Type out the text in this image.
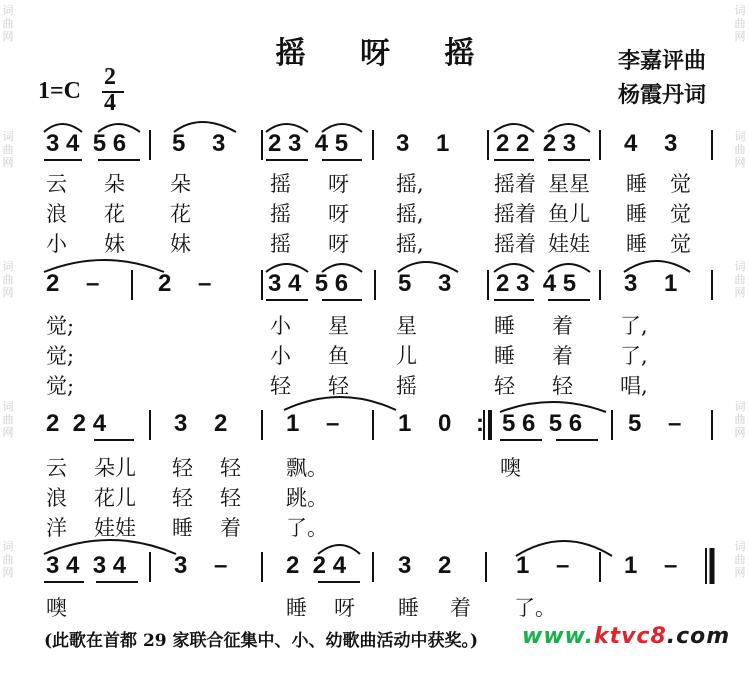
词
曲
网
词
曲
网
词
曲
网
词
曲
网
词
曲
网
词
曲
网
词
曲
网
词
曲
网
词
曲
网
词
曲
网
摇 呀 摇	李嘉评曲
杨霞丹词
1=C
2
4
3 4  5 6 5    3 2 3  4 5 3    1 2 2  2 3 4    3
云 朵 朵	摇 呀 摇,	摇着 星星 睡 觉
浪 花 花	摇 呀 摇,	摇着 鱼儿 睡 觉
小 妹 妹	摇 呀 摇,	摇着 娃娃 睡 觉
2    – 2    – 3 4  5 6 5    3 2 3  4 5 3    1
觉;	小 星 星	睡 着 了,
觉;	小 鱼 儿	睡 着 了,
觉;	轻 轻 摇	轻 轻 唱,
2  2 4	3    2 1    – 1    0 : 5 6  5 6 5    –
云 朵儿 轻 轻 飘。	噢
浪 花儿 轻 轻 跳。
洋 娃娃 睡 着 了。
3 4  3 4 3    – 2  2 4 3    2	1    – 1    –
噢	睡 呀 睡 着 了。
(此歌在首都 29 家联合征集中、小、幼歌曲活动中获奖。) www.ktvc8.com
